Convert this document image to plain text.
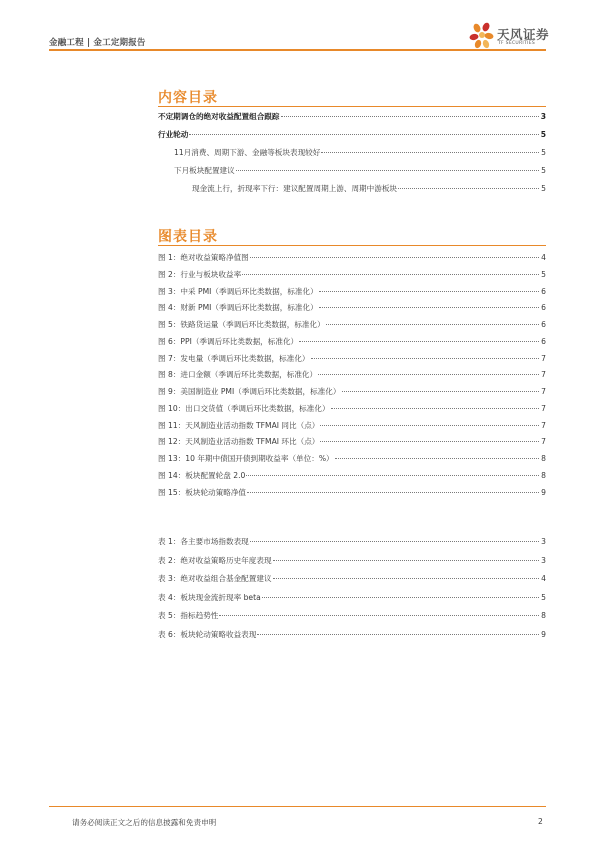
金融工程 | 金工定期报告
天风证券
TF SECURITIES
内容目录
不定期调仓的绝对收益配置组合跟踪	3
行业轮动	5
11月消费、周期下游、金融等板块表现较好	5
下月板块配置建议	5
现金流上行，折现率下行：建议配置周期上游、周期中游板块	5
图表目录
图 1：绝对收益策略净值图	4
图 2：行业与板块收益率	5
图 3：中采 PMI（季调后环比类数据，标准化）	6
图 4：财新 PMI（季调后环比类数据，标准化）	6
图 5：铁路货运量（季调后环比类数据，标准化）	6
图 6：PPI（季调后环比类数据，标准化）	6
图 7：发电量（季调后环比类数据，标准化）	7
图 8：进口金额（季调后环比类数据，标准化）	7
图 9：美国制造业 PMI（季调后环比类数据，标准化）	7
图 10：出口交货值（季调后环比类数据，标准化）	7
图 11：天风制造业活动指数 TFMAI 同比（点）	7
图 12：天风制造业活动指数 TFMAI 环比（点）	7
图 13：10 年期中债国开债到期收益率（单位：%）	8
图 14：板块配置轮盘 2.0	8
图 15：板块轮动策略净值	9
表 1：各主要市场指数表现	3
表 2：绝对收益策略历史年度表现	3
表 3：绝对收益组合基金配置建议	4
表 4：板块现金流折现率 beta	5
表 5：指标趋势性	8
表 6：板块轮动策略收益表现	9
请务必阅读正文之后的信息披露和免责申明	2
